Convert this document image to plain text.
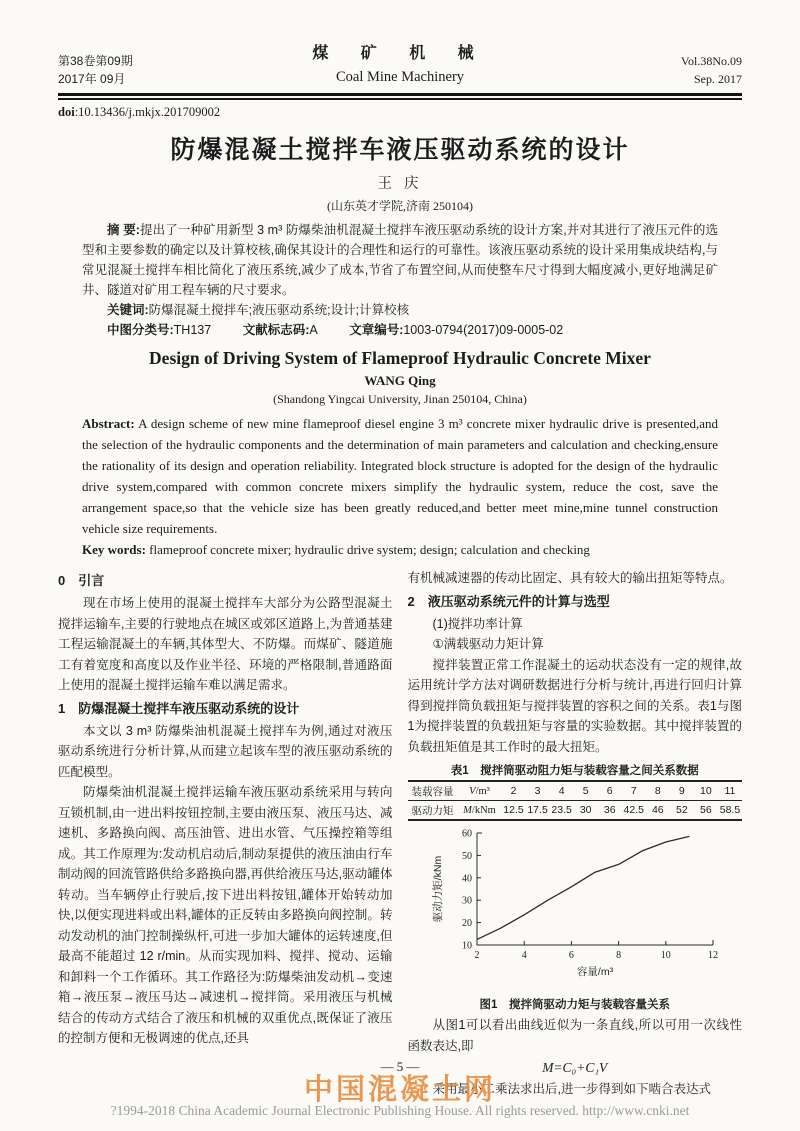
第38卷第09期
2017年 09月
煤 矿 机 械
Coal Mine Machinery
Vol.38No.09
Sep. 2017
doi:10.13436/j.mkjx.201709002
防爆混凝土搅拌车液压驱动系统的设计
王 庆
(山东英才学院,济南 250104)

摘 要:提出了一种矿用新型 3 m³ 防爆柴油机混凝土搅拌车液压驱动系统的设计方案,并对其进行了液压元件的选型和主要参数的确定以及计算校核,确保其设计的合理性和运行的可靠性。该液压驱动系统的设计采用集成块结构,与常见混凝土搅拌车相比简化了液压系统,减少了成本,节省了布置空间,从而使整车尺寸得到大幅度减小,更好地满足矿井、隧道对矿用工程车辆的尺寸要求。

关键词:防爆混凝土搅拌车;液压驱动系统;设计;计算校核

中图分类号:TH137	文献标志码:A	文章编号:1003-0794(2017)09-0005-02

Design of Driving System of Flameproof Hydraulic Concrete Mixer
WANG Qing
(Shandong Yingcai University, Jinan 250104, China)

Abstract: A design scheme of new mine flameproof diesel engine 3 m³ concrete mixer hydraulic drive is presented,and the selection of the hydraulic components and the determination of main parameters and calculation and checking,ensure the rationality of its design and operation reliability. Integrated block structure is adopted for the design of the hydraulic drive system,compared with common concrete mixers simplify the hydraulic system, reduce the cost, save the arrangement space,so that the vehicle size has been greatly reduced,and better meet mine,mine tunnel construction vehicle size requirements.

Key words: flameproof concrete mixer; hydraulic drive system; design; calculation and checking

0　引言

现在市场上使用的混凝土搅拌车大部分为公路型混凝土搅拌运输车,主要的行驶地点在城区或郊区道路上,为普通基建工程运输混凝土的车辆,其体型大、不防爆。而煤矿、隧道施工有着宽度和高度以及作业半径、环境的严格限制,普通路面上使用的混凝土搅拌运输车难以满足需求。

1　防爆混凝土搅拌车液压驱动系统的设计

本文以 3 m³ 防爆柴油机混凝土搅拌车为例,通过对液压驱动系统进行分析计算,从而建立起该车型的液压驱动系统的匹配模型。

防爆柴油机混凝土搅拌运输车液压驱动系统采用与转向互锁机制,由一进出料按钮控制,主要由液压泵、液压马达、减速机、多路换向阀、高压油管、进出水管、气压操控箱等组成。其工作原理为:发动机启动后,制动泵提供的液压油由行车制动阀的回流管路供给多路换向器,再供给液压马达,驱动罐体转动。当车辆停止行驶后,按下进出料按钮,罐体开始转动加快,以便实现进料或出料,罐体的正反转由多路换向阀控制。转动发动机的油门控制操纵杆,可进一步加大罐体的运转速度,但最高不能超过 12 r/min。从而实现加料、搅拌、搅动、运输和卸料一个工作循环。其工作路径为:防爆柴油发动机→变速箱→液压泵→液压马达→减速机→搅拌筒。采用液压与机械结合的传动方式结合了液压和机械的双重优点,既保证了液压的控制方便和无极调速的优点,还具

有机械减速器的传动比固定、具有较大的输出扭矩等特点。

2　液压驱动系统元件的计算与选型

(1)搅拌功率计算

①满载驱动力矩计算

搅拌装置正常工作混凝土的运动状态没有一定的规律,故运用统计学方法对调研数据进行分析与统计,再进行回归计算得到搅拌筒负载扭矩与搅拌装置的容积之间的关系。表1与图1为搅拌装置的负载扭矩与容量的实验数据。其中搅拌装置的负载扭矩值是其工作时的最大扭矩。

表1　搅拌筒驱动阻力矩与装载容量之间关系数据
装载容量	V/m³	2	3	4	5	6	7	8	9	10	11
驱动力矩	M/kNm	12.5	17.5	23.5	30	36	42.5	46	52	56	58.5
10
20
30
40
50
60
2	4	6	8	10	12
驱动力矩/kNm
容量/m³
图1　搅拌筒驱动力矩与装载容量关系

从图1可以看出曲线近似为一条直线,所以可用一次线性函数表达,即

M=C₀+C₁V

采用最小二乘法求出后,进一步得到如下啮合表达式

— 5 —
?1994-2018 China Academic Journal Electronic Publishing House. All rights reserved. http://www.cnki.net
中国混凝土网
